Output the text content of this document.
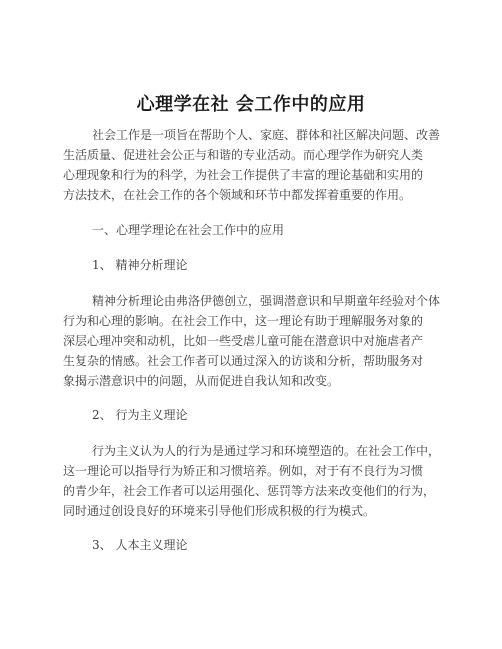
心理学在社 会工作中的应用
社会工作是一项旨在帮助个人、家庭、群体和社区解决问题、改善
生活质量、促进社会公正与和谐的专业活动。而心理学作为研究人类
心理现象和行为的科学，为社会工作提供了丰富的理论基础和实用的
方法技术，在社会工作的各个领域和环节中都发挥着重要的作用。
一、心理学理论在社会工作中的应用
1、 精神分析理论
精神分析理论由弗洛伊德创立，强调潜意识和早期童年经验对个体
行为和心理的影响。在社会工作中，这一理论有助于理解服务对象的
深层心理冲突和动机，比如一些受虐儿童可能在潜意识中对施虐者产
生复杂的情感。社会工作者可以通过深入的访谈和分析，帮助服务对
象揭示潜意识中的问题，从而促进自我认知和改变。
2、 行为主义理论
行为主义认为人的行为是通过学习和环境塑造的。在社会工作中，
这一理论可以指导行为矫正和习惯培养。例如，对于有不良行为习惯
的青少年，社会工作者可以运用强化、惩罚等方法来改变他们的行为，
同时通过创设良好的环境来引导他们形成积极的行为模式。
3、 人本主义理论
